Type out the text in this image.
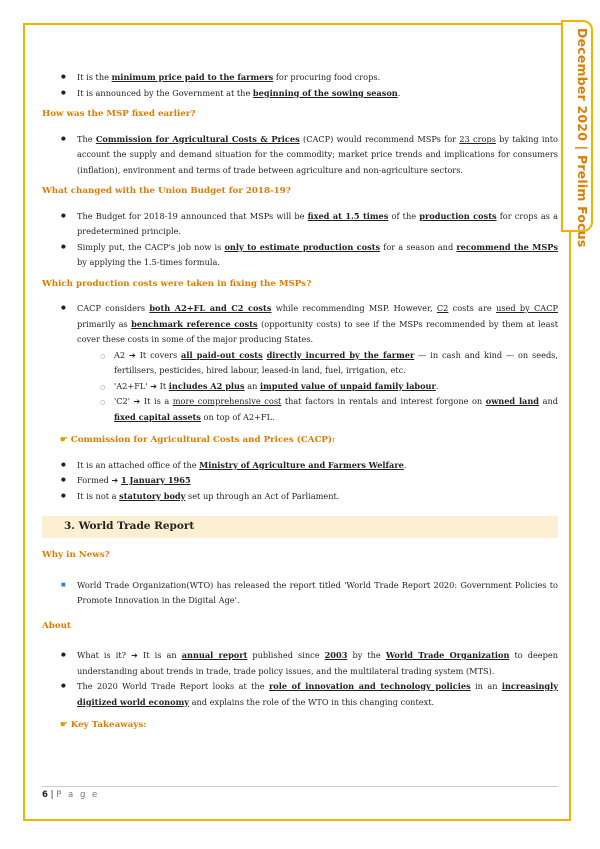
December 2020 | Prelim Focus
● It is the minimum price paid to the farmers for procuring food crops.
● It is announced by the Government at the beginning of the sowing season.
How was the MSP fixed earlier?
● The Commission for Agricultural Costs & Prices (CACP) would recommend MSPs for 23 crops by taking into account the supply and demand situation for the commodity; market price trends and implications for consumers (inflation), environment and terms of trade between agriculture and non-agriculture sectors.
What changed with the Union Budget for 2018-19?
● The Budget for 2018-19 announced that MSPs will be fixed at 1.5 times of the production costs for crops as a predetermined principle.
● Simply put, the CACP's job now is only to estimate production costs for a season and recommend the MSPs by applying the 1.5-times formula.
Which production costs were taken in fixing the MSPs?
● CACP considers both A2+FL and C2 costs while recommending MSP. However, C2 costs are used by CACP primarily as benchmark reference costs (opportunity costs) to see if the MSPs recommended by them at least cover these costs in some of the major producing States.
○ A2 ➔ It covers all paid-out costs directly incurred by the farmer — in cash and kind — on seeds, fertilisers, pesticides, hired labour, leased-in land, fuel, irrigation, etc.
○ 'A2+FL' ➔ It includes A2 plus an imputed value of unpaid family labour.
○ 'C2' ➔ It is a more comprehensive cost that factors in rentals and interest forgone on owned land and fixed capital assets on top of A2+FL.
☛ Commission for Agricultural Costs and Prices (CACP):
● It is an attached office of the Ministry of Agriculture and Farmers Welfare.
● Formed ➔ 1 January 1965
● It is not a statutory body set up through an Act of Parliament.
3. World Trade Report
Why in News?
■ World Trade Organization(WTO) has released the report titled 'World Trade Report 2020: Government Policies to Promote Innovation in the Digital Age'.
About
● What is it? ➔ It is an annual report published since 2003 by the World Trade Organization to deepen understanding about trends in trade, trade policy issues, and the multilateral trading system (MTS).
● The 2020 World Trade Report looks at the role of innovation and technology policies in an increasingly digitized world economy and explains the role of the WTO in this changing context.
☛ Key Takeaways:
6 | P a g e
